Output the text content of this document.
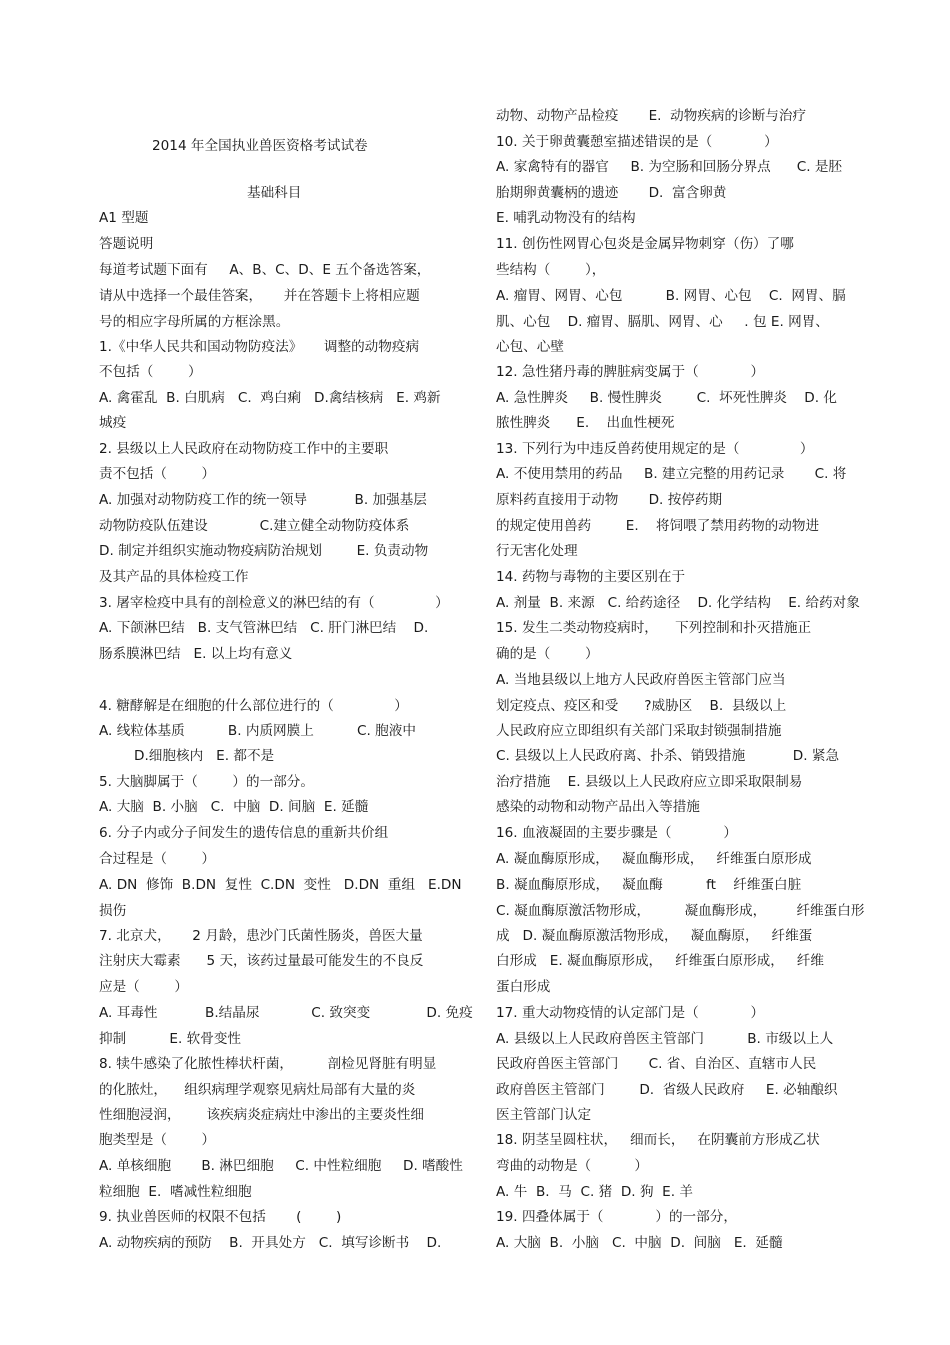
2014 年全国执业兽医资格考试试卷
基础科目
A1 型题
答题说明
每道考试题下面有     A、B、C、D、E 五个备选答案，
请从中选择一个最佳答案，     并在答题卡上将相应题
号的相应字母所属的方框涂黑。
1.《中华人民共和国动物防疫法》     调整的动物疫病
不包括（        ）
A. 禽霍乱  B. 白肌病   C.  鸡白痢   D.禽结核病   E. 鸡新
城疫
2. 县级以上人民政府在动物防疫工作中的主要职
责不包括（        ）
A. 加强对动物防疫工作的统一领导           B. 加强基层
动物防疫队伍建设            C.建立健全动物防疫体系
D. 制定并组织实施动物疫病防治规划        E. 负责动物
及其产品的具体检疫工作
3. 屠宰检疫中具有的剖检意义的淋巴结的有（              ）
A. 下颌淋巴结   B. 支气管淋巴结   C. 肝门淋巴结    D.
肠系膜淋巴结   E. 以上均有意义
4. 糖酵解是在细胞的什么部位进行的（              ）
A. 线粒体基质          B. 内质网膜上          C. 胞液中
D.细胞核内   E. 都不是
5. 大脑脚属于（        ）的一部分。
A. 大脑  B. 小脑   C.  中脑  D. 间脑  E. 延髓
6. 分子内或分子间发生的遗传信息的重新共价组
合过程是（        ）
A. DN  修饰  B.DN  复性  C.DN  变性   D.DN  重组   E.DN
损伤
7. 北京犬，     2 月龄，患沙门氏菌性肠炎，兽医大量
注射庆大霉素      5 天，该药过量最可能发生的不良反
应是（        ）
A. 耳毒性           B.结晶尿            C. 致突变             D. 免疫
抑制          E. 软骨变性
8. 犊牛感染了化脓性棒状杆菌，        剖检见肾脏有明显
的化脓灶，    组织病理学观察见病灶局部有大量的炎
性细胞浸润，      该疾病炎症病灶中渗出的主要炎性细
胞类型是（        ）
A. 单核细胞       B. 淋巴细胞     C. 中性粒细胞     D. 嗜酸性
粒细胞  E.  嗜减性粒细胞
9. 执业兽医师的权限不包括       (        )
A. 动物疾病的预防    B.  开具处方   C.  填写诊断书    D.
动物、动物产品检疫       E.  动物疾病的诊断与治疗
10. 关于卵黄囊憩室描述错误的是（            ）
A. 家禽特有的器官     B. 为空肠和回肠分界点      C. 是胚
胎期卵黄囊柄的遗迹       D.  富含卵黄
E. 哺乳动物没有的结构
11. 创伤性网胃心包炎是金属异物刺穿（伤）了哪
些结构（        ），
A. 瘤胃、网胃、心包          B. 网胃、心包    C.  网胃、膈
肌、心包    D. 瘤胃、膈肌、网胃、心     . 包 E. 网胃、
心包、心壁
12. 急性猪丹毒的脾脏病变属于（            ）
A. 急性脾炎     B. 慢性脾炎        C.  坏死性脾炎    D. 化
脓性脾炎      E.    出血性梗死
13. 下列行为中违反兽药使用规定的是（              ）
A. 不使用禁用的药品     B. 建立完整的用药记录       C. 将
原料药直接用于动物       D. 按停药期
的规定使用兽药        E.    将饲喂了禁用药物的动物进
行无害化处理
14. 药物与毒物的主要区别在于
A. 剂量  B. 来源   C. 给药途径    D. 化学结构    E. 给药对象
15. 发生二类动物疫病时，    下列控制和扑灭措施正
确的是（        ）
A. 当地县级以上地方人民政府兽医主管部门应当
划定疫点、疫区和受      ?威胁区    B.  县级以上
人民政府应立即组织有关部门采取封锁强制措施
C. 县级以上人民政府离、扑杀、销毁措施           D. 紧急
治疗措施    E. 县级以上人民政府应立即采取限制易
感染的动物和动物产品出入等措施
16. 血液凝固的主要步骤是（            ）
A. 凝血酶原形成，   凝血酶形成，   纤维蛋白原形成
B. 凝血酶原形成，   凝血酶          ft    纤维蛋白脏
C. 凝血酶原激活物形成，        凝血酶形成，       纤维蛋白形
成   D. 凝血酶原激活物形成，   凝血酶原，   纤维蛋
白形成   E. 凝血酶原形成，   纤维蛋白原形成，   纤维
蛋白形成
17. 重大动物疫情的认定部门是（            ）
A. 县级以上人民政府兽医主管部门          B. 市级以上人
民政府兽医主管部门       C. 省、自治区、直辖市人民
政府兽医主管部门        D.  省级人民政府     E. 必轴酿织
医主管部门认定
18. 阴茎呈圆柱状，   细而长，   在阴囊前方形成乙状
弯曲的动物是（          ）
A. 牛  B.  马  C. 猪  D. 狗  E. 羊
19. 四叠体属于（            ）的一部分，
A. 大脑  B.  小脑   C.  中脑  D.  间脑   E.  延髓
